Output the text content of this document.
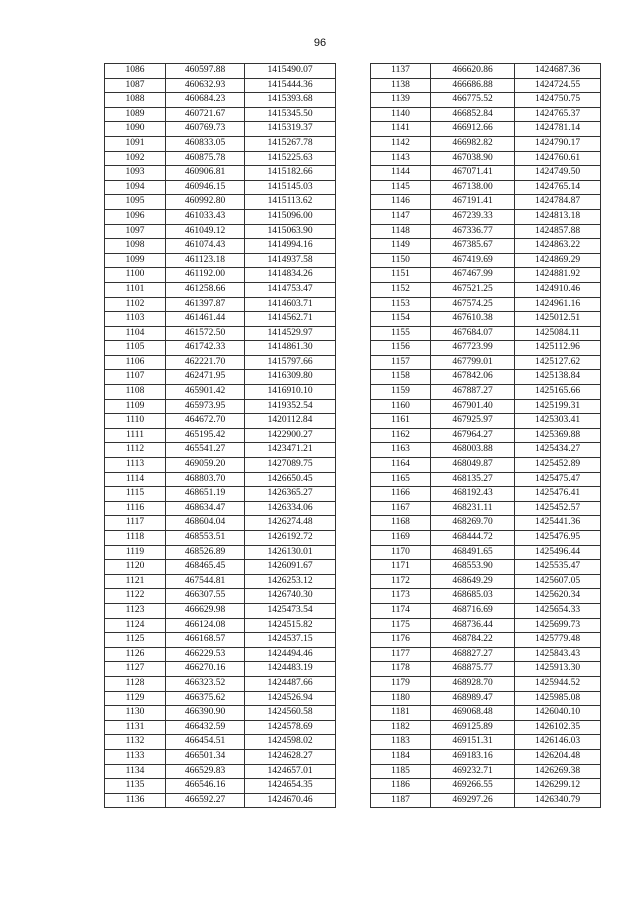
96
1086	460597.88	1415490.07
1087	460632.93	1415444.36
1088	460684.23	1415393.68
1089	460721.67	1415345.50
1090	460769.73	1415319.37
1091	460833.05	1415267.78
1092	460875.78	1415225.63
1093	460906.81	1415182.66
1094	460946.15	1415145.03
1095	460992.80	1415113.62
1096	461033.43	1415096.00
1097	461049.12	1415063.90
1098	461074.43	1414994.16
1099	461123.18	1414937.58
1100	461192.00	1414834.26
1101	461258.66	1414753.47
1102	461397.87	1414603.71
1103	461461.44	1414562.71
1104	461572.50	1414529.97
1105	461742.33	1414861.30
1106	462221.70	1415797.66
1107	462471.95	1416309.80
1108	465901.42	1416910.10
1109	465973.95	1419352.54
1110	464672.70	1420112.84
1111	465195.42	1422900.27
1112	465541.27	1423471.21
1113	469059.20	1427089.75
1114	468803.70	1426650.45
1115	468651.19	1426365.27
1116	468634.47	1426334.06
1117	468604.04	1426274.48
1118	468553.51	1426192.72
1119	468526.89	1426130.01
1120	468465.45	1426091.67
1121	467544.81	1426253.12
1122	466307.55	1426740.30
1123	466629.98	1425473.54
1124	466124.08	1424515.82
1125	466168.57	1424537.15
1126	466229.53	1424494.46
1127	466270.16	1424483.19
1128	466323.52	1424487.66
1129	466375.62	1424526.94
1130	466390.90	1424560.58
1131	466432.59	1424578.69
1132	466454.51	1424598.02
1133	466501.34	1424628.27
1134	466529.83	1424657.01
1135	466546.16	1424654.35
1136	466592.27	1424670.46
1137	466620.86	1424687.36
1138	466686.88	1424724.55
1139	466775.52	1424750.75
1140	466852.84	1424765.37
1141	466912.66	1424781.14
1142	466982.82	1424790.17
1143	467038.90	1424760.61
1144	467071.41	1424749.50
1145	467138.00	1424765.14
1146	467191.41	1424784.87
1147	467239.33	1424813.18
1148	467336.77	1424857.88
1149	467385.67	1424863.22
1150	467419.69	1424869.29
1151	467467.99	1424881.92
1152	467521.25	1424910.46
1153	467574.25	1424961.16
1154	467610.38	1425012.51
1155	467684.07	1425084.11
1156	467723.99	1425112.96
1157	467799.01	1425127.62
1158	467842.06	1425138.84
1159	467887.27	1425165.66
1160	467901.40	1425199.31
1161	467925.97	1425303.41
1162	467964.27	1425369.88
1163	468003.88	1425434.27
1164	468049.87	1425452.89
1165	468135.27	1425475.47
1166	468192.43	1425476.41
1167	468231.11	1425452.57
1168	468269.70	1425441.36
1169	468444.72	1425476.95
1170	468491.65	1425496.44
1171	468553.90	1425535.47
1172	468649.29	1425607.05
1173	468685.03	1425620.34
1174	468716.69	1425654.33
1175	468736.44	1425699.73
1176	468784.22	1425779.48
1177	468827.27	1425843.43
1178	468875.77	1425913.30
1179	468928.70	1425944.52
1180	468989.47	1425985.08
1181	469068.48	1426040.10
1182	469125.89	1426102.35
1183	469151.31	1426146.03
1184	469183.16	1426204.48
1185	469232.71	1426269.38
1186	469266.55	1426299.12
1187	469297.26	1426340.79
